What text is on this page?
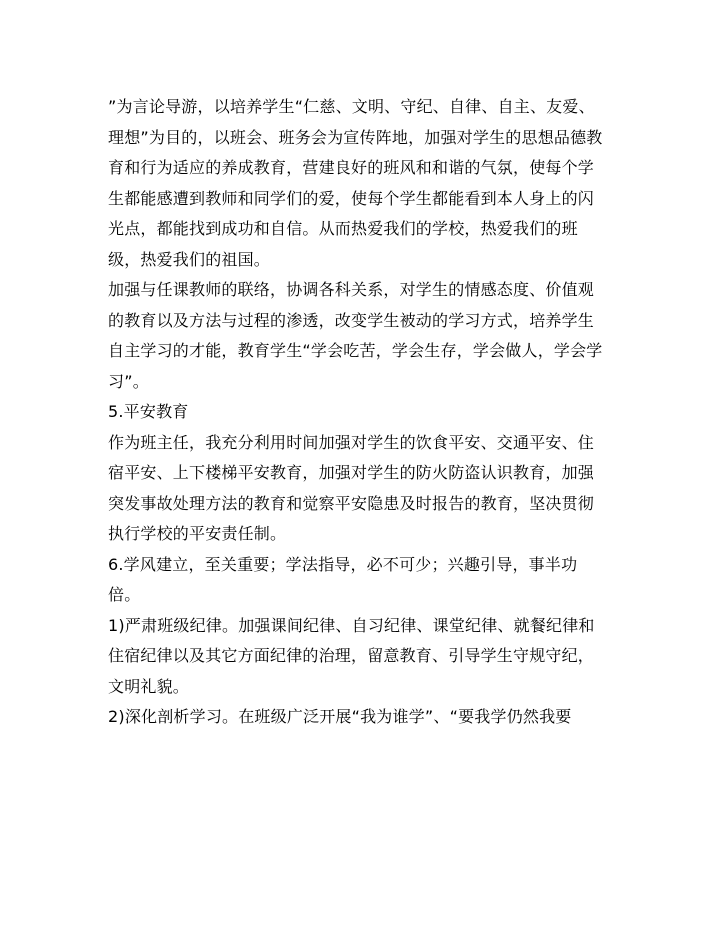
”为言论导游，以培养学生“仁慈、文明、守纪、自律、自主、友爱、理想”为目的，以班会、班务会为宣传阵地，加强对学生的思想品德教育和行为适应的养成教育，营建良好的班风和和谐的气氛，使每个学生都能感遭到教师和同学们的爱，使每个学生都能看到本人身上的闪光点，都能找到成功和自信。从而热爱我们的学校，热爱我们的班级，热爱我们的祖国。

加强与任课教师的联络，协调各科关系，对学生的情感态度、价值观的教育以及方法与过程的渗透，改变学生被动的学习方式，培养学生自主学习的才能，教育学生“学会吃苦，学会生存，学会做人，学会学习”。

5.平安教育

作为班主任，我充分利用时间加强对学生的饮食平安、交通平安、住宿平安、上下楼梯平安教育，加强对学生的防火防盗认识教育，加强突发事故处理方法的教育和觉察平安隐患及时报告的教育，坚决贯彻执行学校的平安责任制。

6.学风建立，至关重要；学法指导，必不可少；兴趣引导，事半功倍。

1)严肃班级纪律。加强课间纪律、自习纪律、课堂纪律、就餐纪律和住宿纪律以及其它方面纪律的治理，留意教育、引导学生守规守纪，文明礼貌。

2)深化剖析学习。在班级广泛开展“我为谁学”、“要我学仍然我要
